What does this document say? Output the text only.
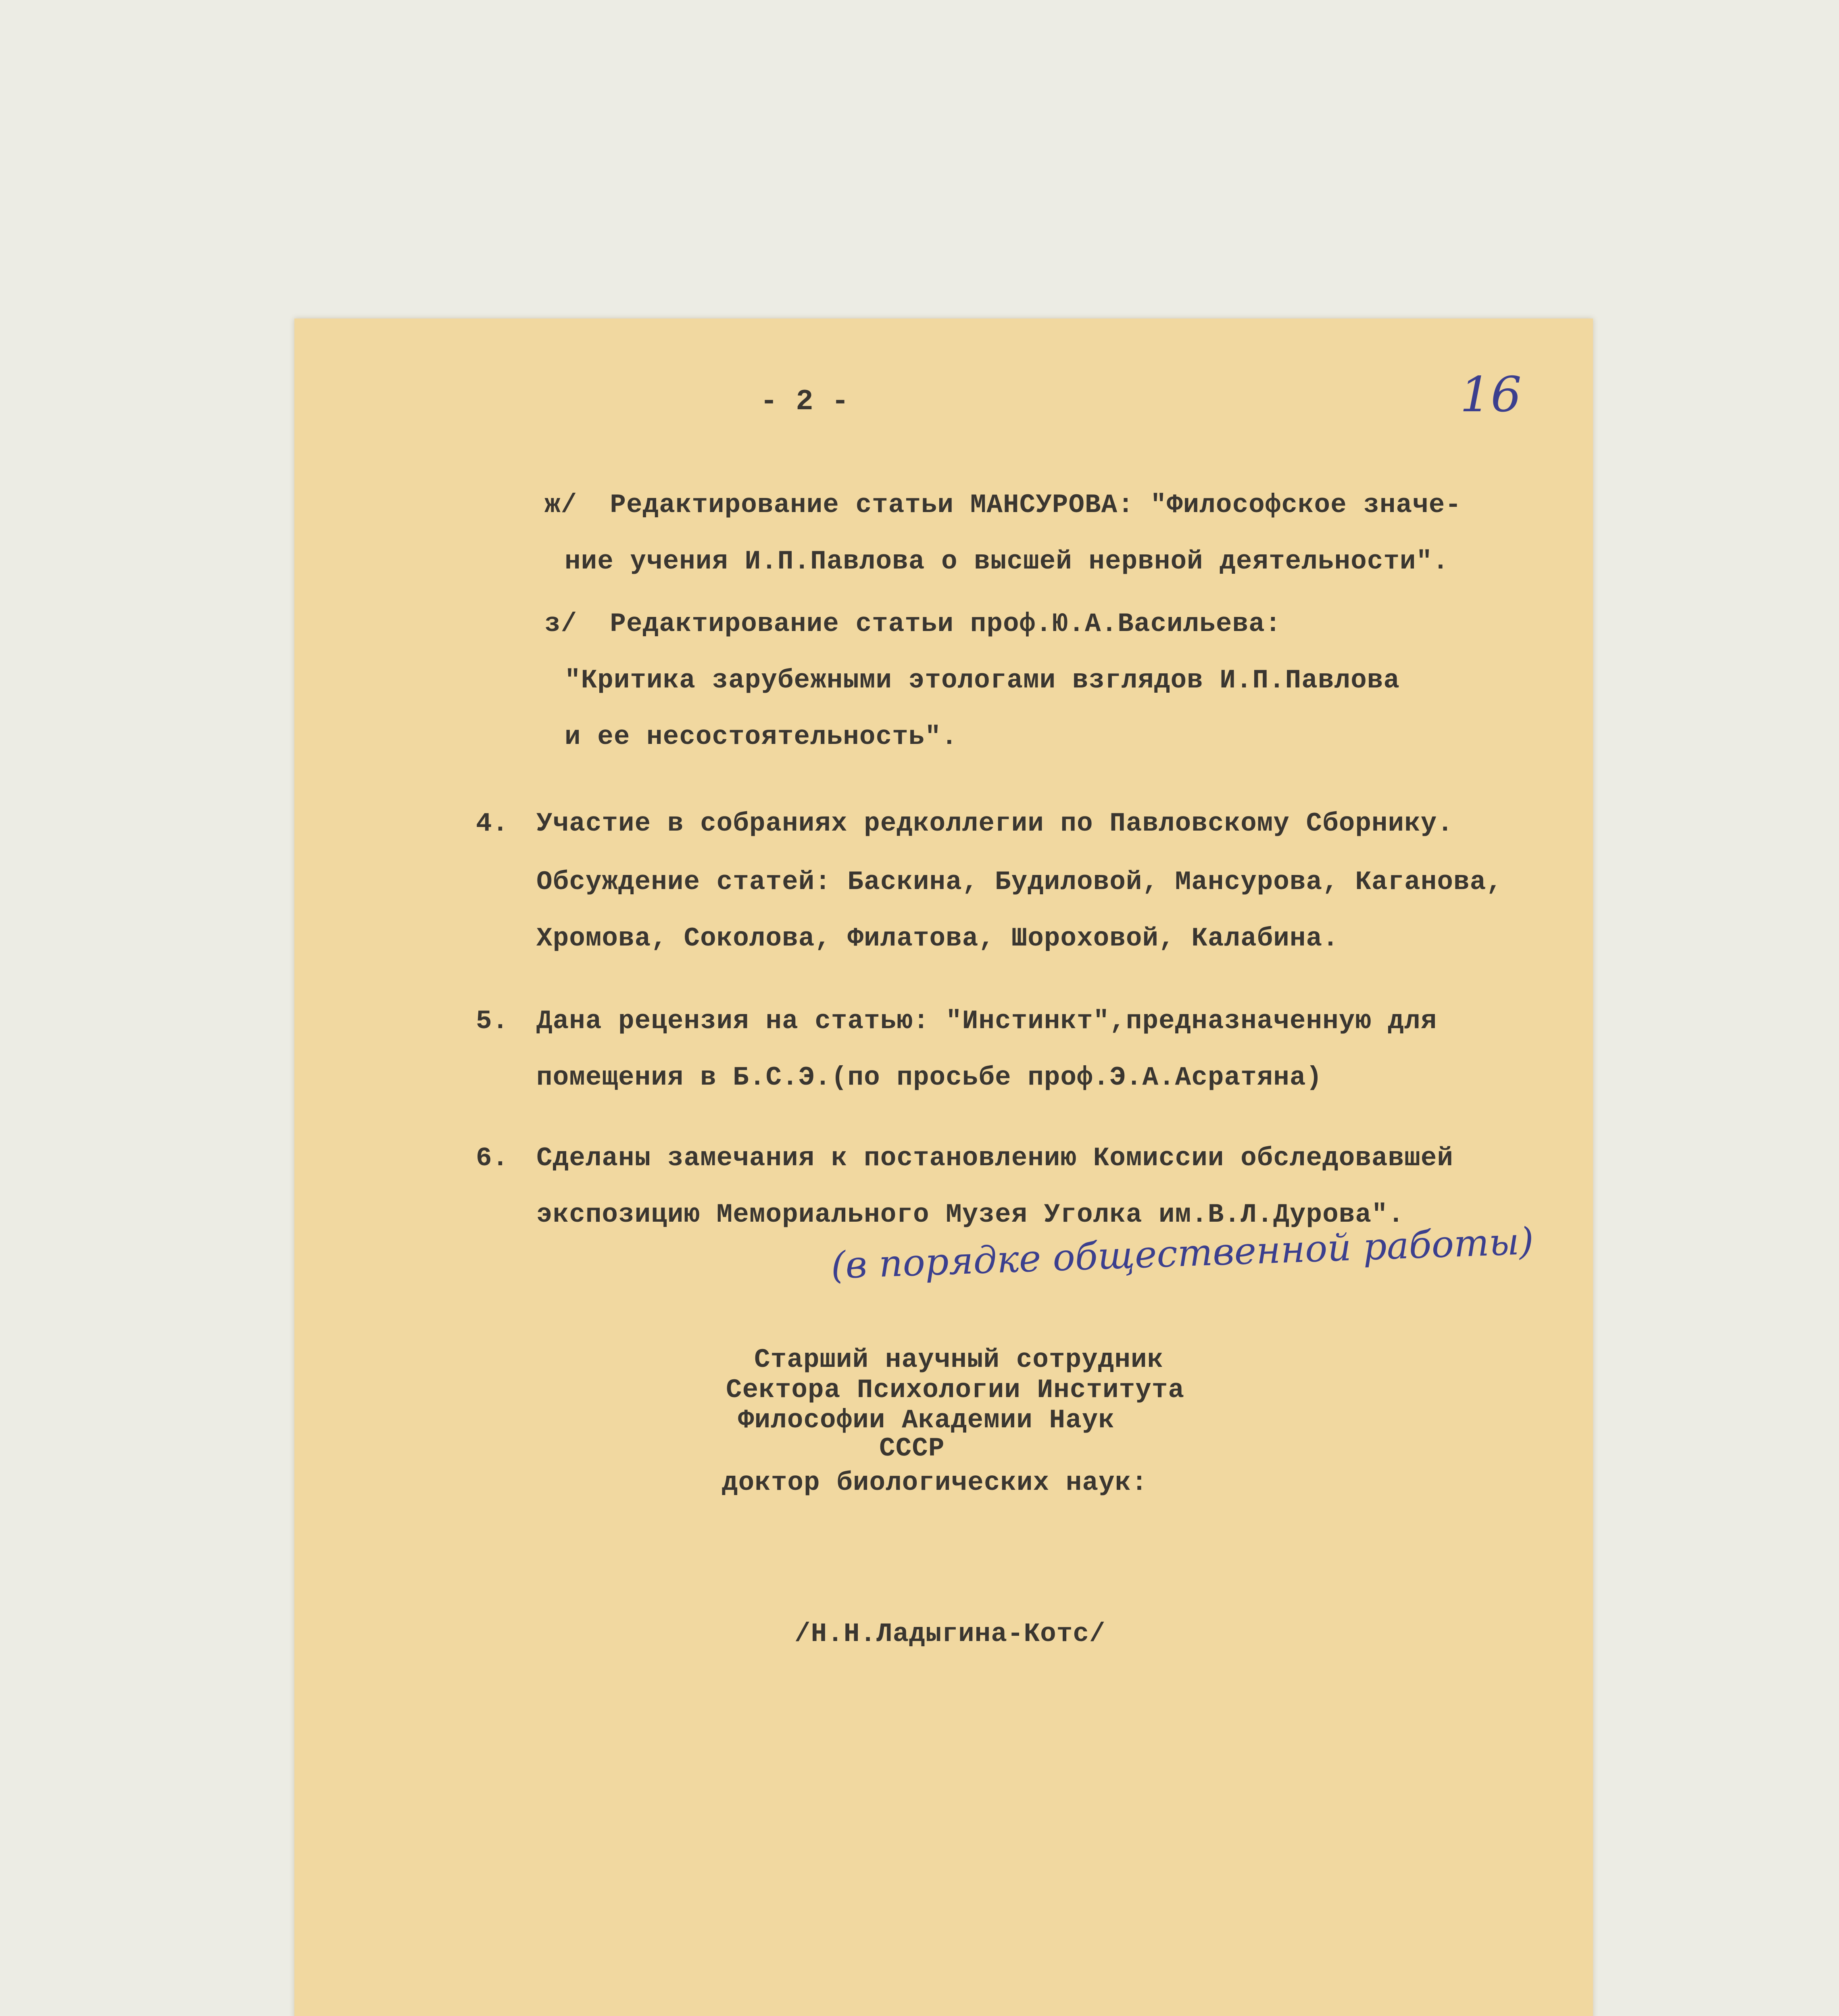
- 2 -	16
ж/  Редактирование статьи МАНСУРОВА: "Философское значе-
ние учения И.П.Павлова о высшей нервной деятельности".
з/  Редактирование статьи проф.Ю.А.Васильева:
"Критика зарубежными этологами взглядов И.П.Павлова
и ее несостоятельность".
4. Участие в собраниях редколлегии по Павловскому Сборнику.
Обсуждение статей: Баскина, Будиловой, Мансурова, Каганова,
Хромова, Соколова, Филатова, Шороховой, Калабина.
5. Дана рецензия на статью: "Инстинкт",предназначенную для
помещения в Б.С.Э.(по просьбе проф.Э.А.Асратяна)
6. Сделаны замечания к постановлению Комиссии обследовавшей
экспозицию Мемориального Музея Уголка им.В.Л.Дурова".
(в порядке общественной работы)
Старший научный сотрудник
Сектора Психологии Института
Философии Академии Наук
СССР
доктор биологических наук:
/Н.Н.Ладыгина-Котс/
